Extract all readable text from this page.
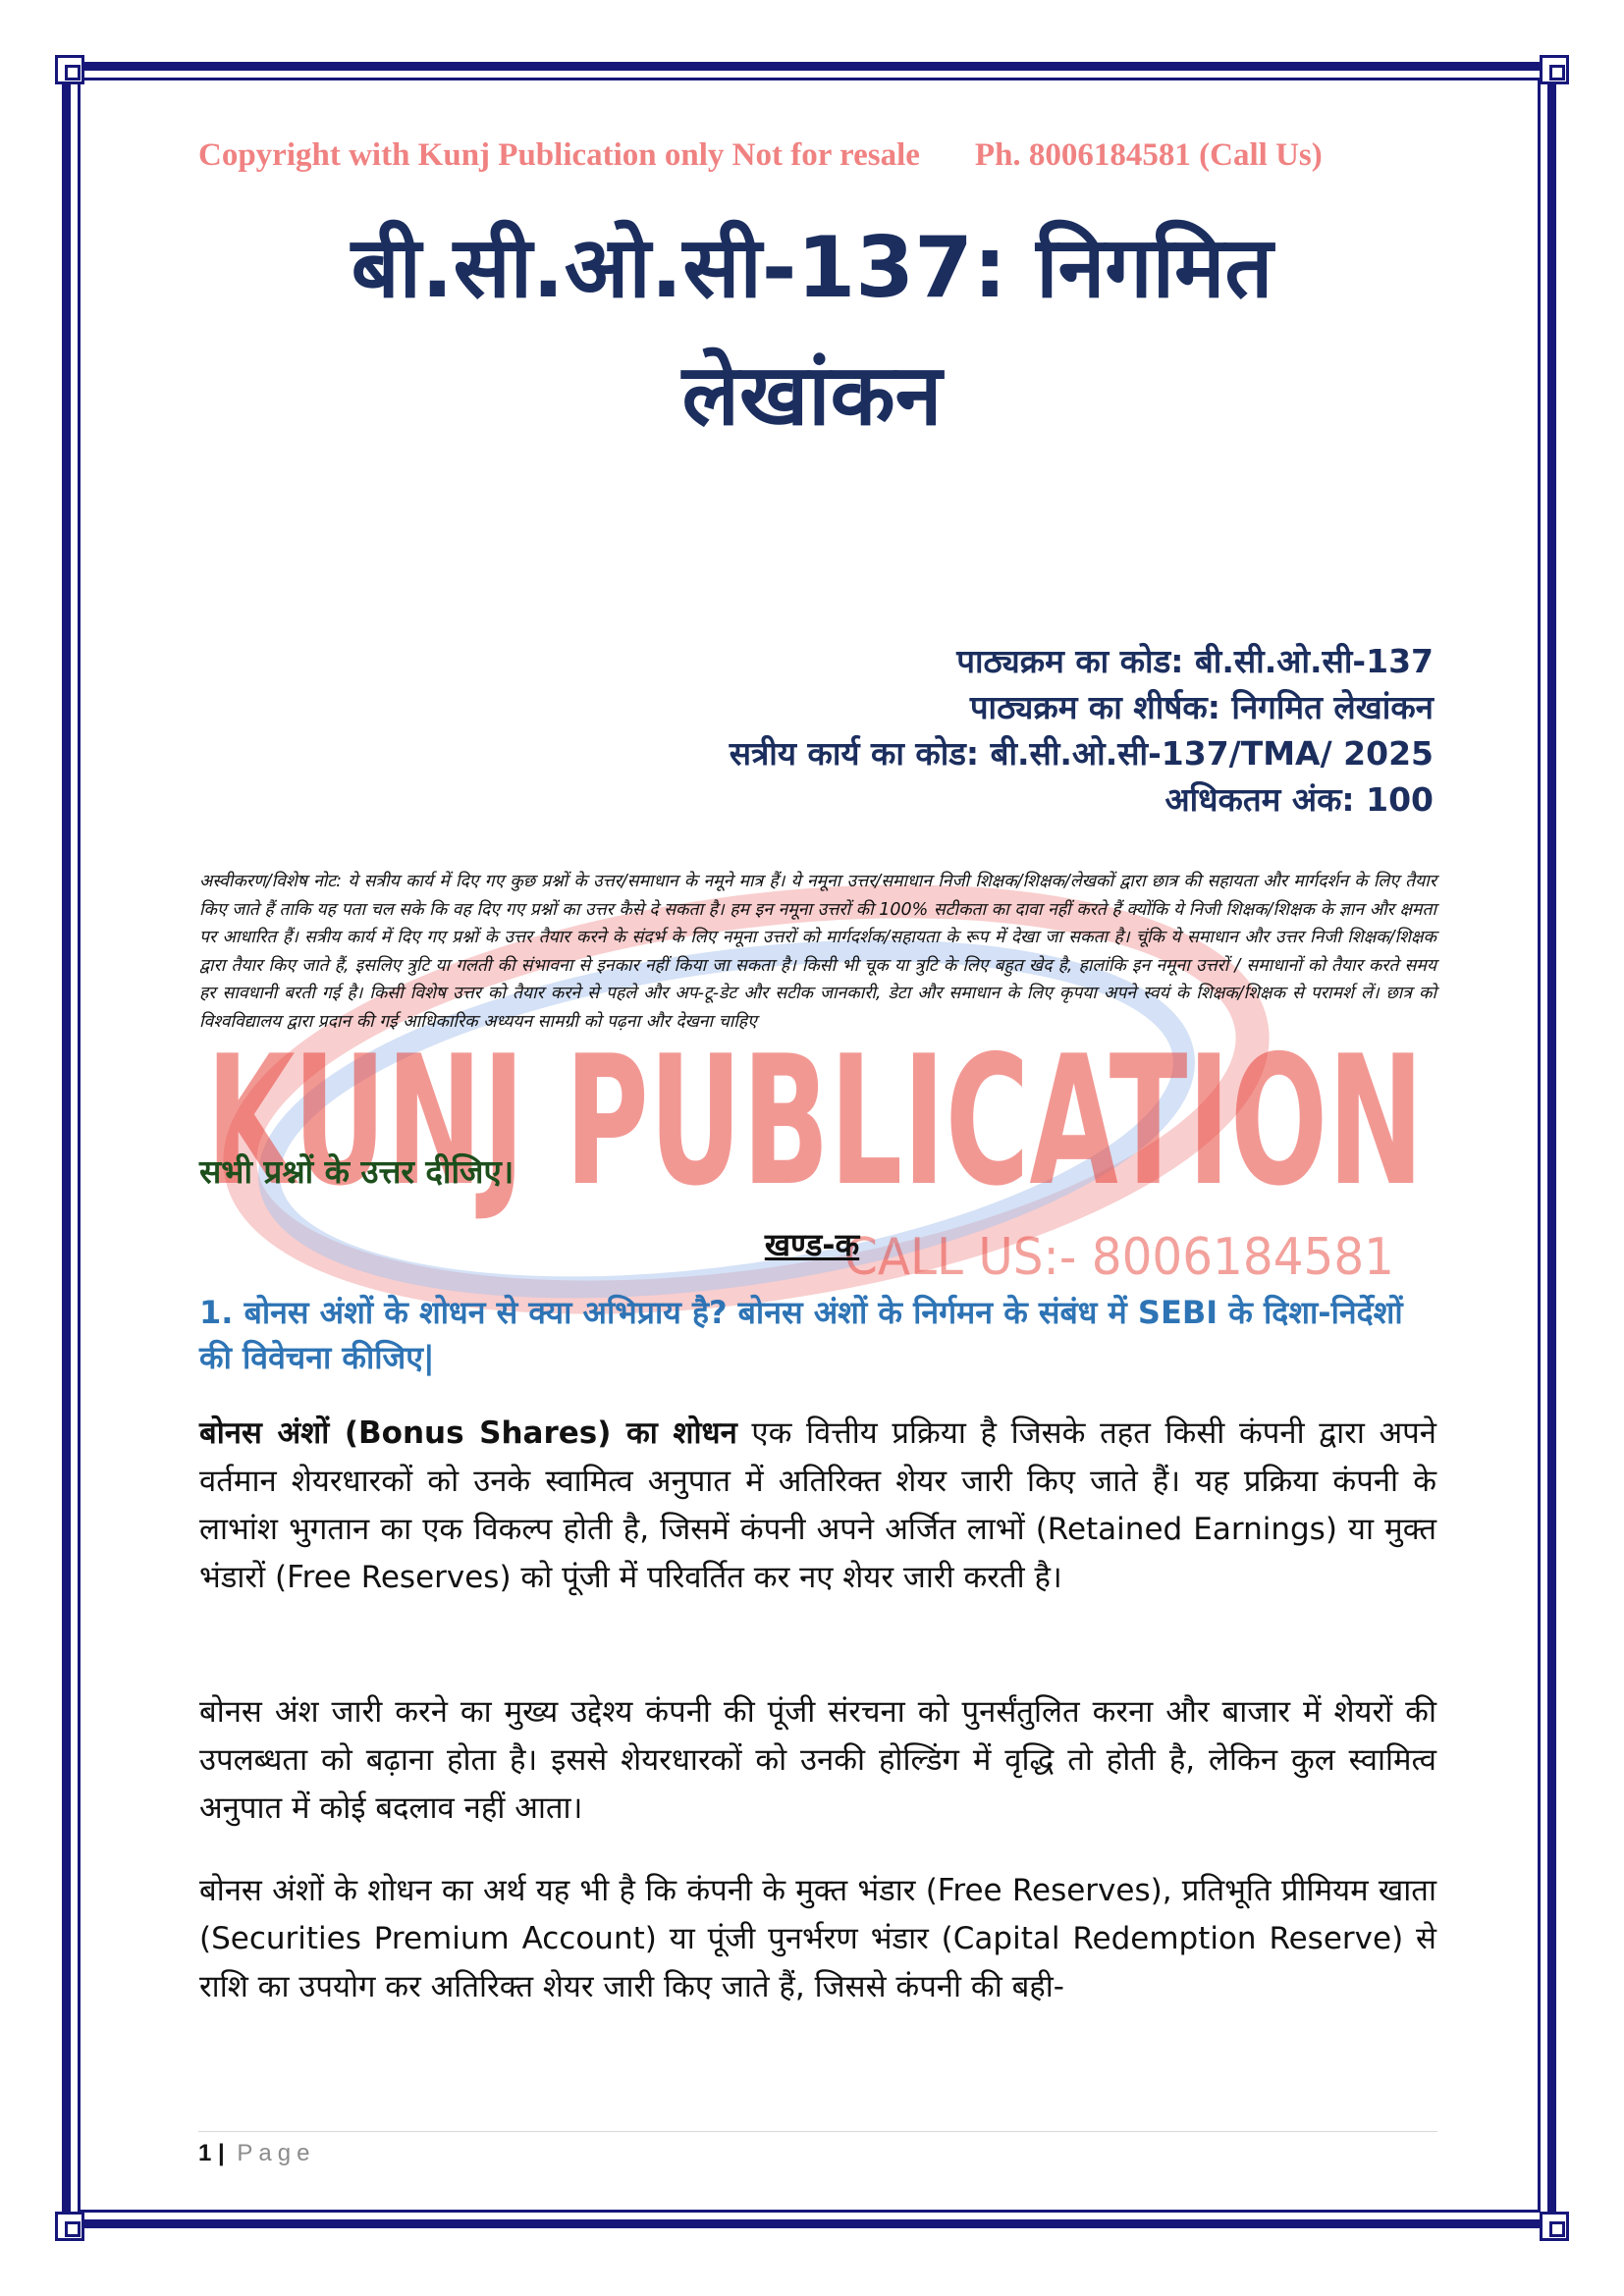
KUNJ PUBLICATION
CALL US:- 8006184581
Copyright with Kunj Publication only Not for resale Ph. 8006184581 (Call Us)
बी.सी.ओ.सी-137: निगमित
लेखांकन
पाठ्यक्रम का कोड: बी.सी.ओ.सी-137
पाठ्यक्रम का शीर्षक: निगमित लेखांकन
सत्रीय कार्य का कोड: बी.सी.ओ.सी-137/TMA/ 2025
अधिकतम अंक: 100
अस्वीकरण/विशेष नोट: ये सत्रीय कार्य में दिए गए कुछ प्रश्नों के उत्तर/समाधान के नमूने मात्र हैं। ये नमूना उत्तर/समाधान निजी शिक्षक/शिक्षक/लेखकों द्वारा छात्र की सहायता और मार्गदर्शन के लिए तैयार किए जाते हैं ताकि यह पता चल सके कि वह दिए गए प्रश्नों का उत्तर कैसे दे सकता है। हम इन नमूना उत्तरों की 100% सटीकता का दावा नहीं करते हैं क्योंकि ये निजी शिक्षक/शिक्षक के ज्ञान और क्षमता पर आधारित हैं। सत्रीय कार्य में दिए गए प्रश्नों के उत्तर तैयार करने के संदर्भ के लिए नमूना उत्तरों को मार्गदर्शक/सहायता के रूप में देखा जा सकता है। चूंकि ये समाधान और उत्तर निजी शिक्षक/शिक्षक द्वारा तैयार किए जाते हैं, इसलिए त्रुटि या गलती की संभावना से इनकार नहीं किया जा सकता है। किसी भी चूक या त्रुटि के लिए बहुत खेद है, हालांकि इन नमूना उत्तरों / समाधानों को तैयार करते समय हर सावधानी बरती गई है। किसी विशेष उत्तर को तैयार करने से पहले और अप-टू-डेट और सटीक जानकारी, डेटा और समाधान के लिए कृपया अपने स्वयं के शिक्षक/शिक्षक से परामर्श लें। छात्र को विश्वविद्यालय द्वारा प्रदान की गई आधिकारिक अध्ययन सामग्री को पढ़ना और देखना चाहिए
सभी प्रश्नों के उत्तर दीजिए।
खण्ड-क
1. बोनस अंशों के शोधन से क्या अभिप्राय है? बोनस अंशों के निर्गमन के संबंध में SEBI के दिशा-निर्देशों की विवेचना कीजिए|
बोनस अंशों (Bonus Shares) का शोधन एक वित्तीय प्रक्रिया है जिसके तहत किसी कंपनी द्वारा अपने वर्तमान शेयरधारकों को उनके स्वामित्व अनुपात में अतिरिक्त शेयर जारी किए जाते हैं। यह प्रक्रिया कंपनी के लाभांश भुगतान का एक विकल्प होती है, जिसमें कंपनी अपने अर्जित लाभों (Retained Earnings) या मुक्त भंडारों (Free Reserves) को पूंजी में परिवर्तित कर नए शेयर जारी करती है।
बोनस अंश जारी करने का मुख्य उद्देश्य कंपनी की पूंजी संरचना को पुनर्संतुलित करना और बाजार में शेयरों की उपलब्धता को बढ़ाना होता है। इससे शेयरधारकों को उनकी होल्डिंग में वृद्धि तो होती है, लेकिन कुल स्वामित्व अनुपात में कोई बदलाव नहीं आता।
बोनस अंशों के शोधन का अर्थ यह भी है कि कंपनी के मुक्त भंडार (Free Reserves), प्रतिभूति प्रीमियम खाता (Securities Premium Account) या पूंजी पुनर्भरण भंडार (Capital Redemption Reserve) से राशि का उपयोग कर अतिरिक्त शेयर जारी किए जाते हैं, जिससे कंपनी की बही-
1 | Page
